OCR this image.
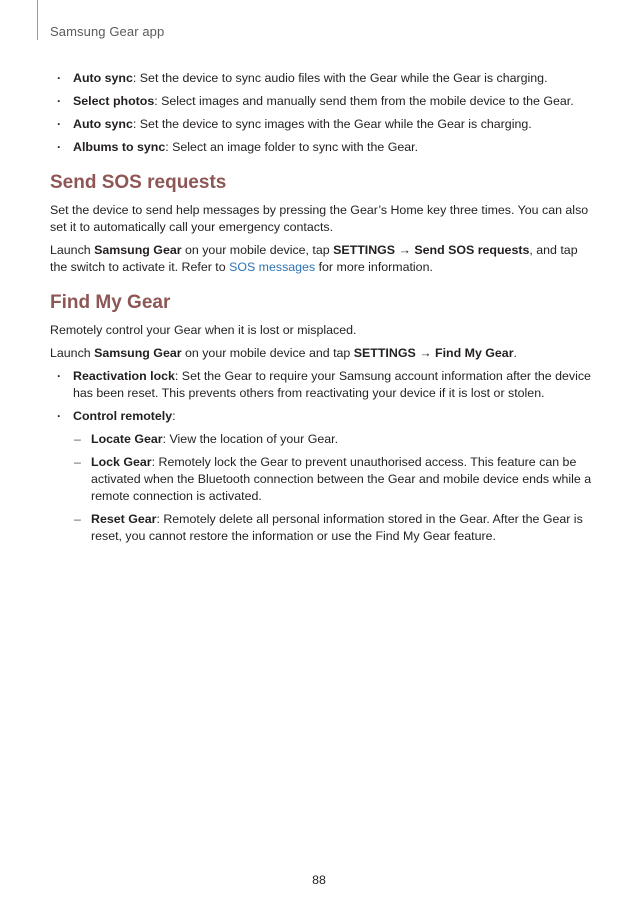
Samsung Gear app
· Auto sync: Set the device to sync audio files with the Gear while the Gear is charging.
· Select photos: Select images and manually send them from the mobile device to the Gear.
· Auto sync: Set the device to sync images with the Gear while the Gear is charging.
· Albums to sync: Select an image folder to sync with the Gear.
Send SOS requests

Set the device to send help messages by pressing the Gear’s Home key three times. You can also set it to automatically call your emergency contacts.

Launch Samsung Gear on your mobile device, tap SETTINGS → Send SOS requests, and tap the switch to activate it. Refer to SOS messages for more information.

Find My Gear

Remotely control your Gear when it is lost or misplaced.

Launch Samsung Gear on your mobile device and tap SETTINGS → Find My Gear.

· Reactivation lock: Set the Gear to require your Samsung account information after the device has been reset. This prevents others from reactivating your device if it is lost or stolen.
· Control remotely:
– Locate Gear: View the location of your Gear.
– Lock Gear: Remotely lock the Gear to prevent unauthorised access. This feature can be activated when the Bluetooth connection between the Gear and mobile device ends while a remote connection is activated.
– Reset Gear: Remotely delete all personal information stored in the Gear. After the Gear is reset, you cannot restore the information or use the Find My Gear feature.
88
